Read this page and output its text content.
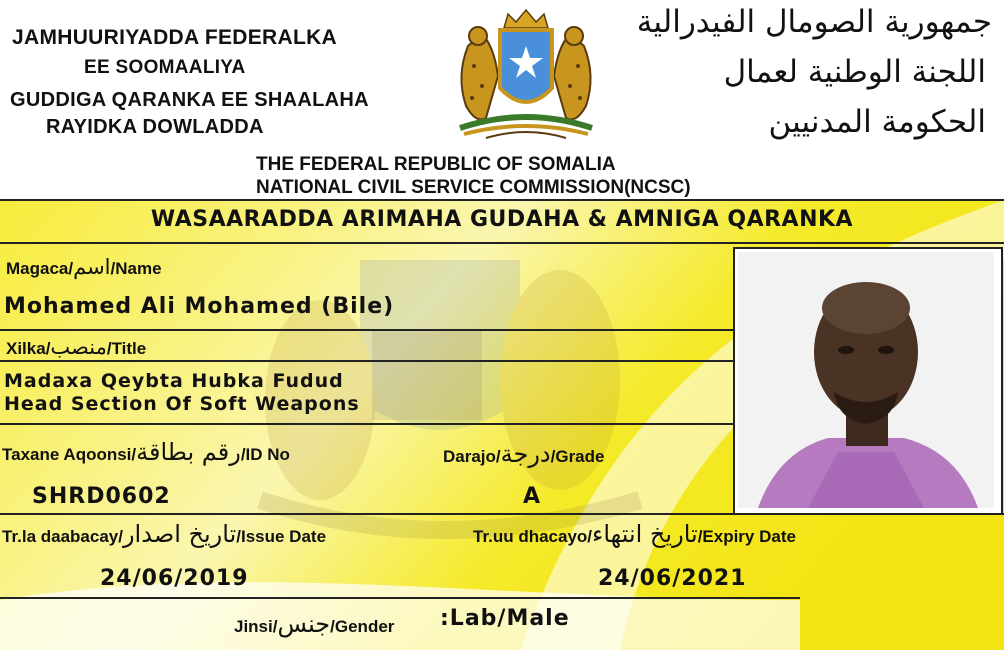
JAMHUURIYADDA FEDERALKA
EE SOOMAALIYA
GUDDIGA QARANKA EE SHAALAHA
RAYIDKA DOWLADDA
جمهورية الصومال الفيدرالية
اللجنة الوطنية لعمال
الحكومة المدنيين
THE FEDERAL REPUBLIC OF SOMALIA
NATIONAL CIVIL SERVICE COMMISSION(NCSC)
WASAARADDA ARIMAHA GUDAHA & AMNIGA QARANKA
Magaca/اسم/Name
Mohamed Ali Mohamed (Bile)
Xilka/منصب/Title
Madaxa Qeybta Hubka Fudud
Head Section Of Soft Weapons
Taxane Aqoonsi/رقم بطاقة/ID No	Darajo/درجة/Grade
SHRD0602	A
Tr.la daabacay/تاريخ اصدار/Issue Date	Tr.uu dhacayo/تاريخ انتهاء/Expiry Date
24/06/2019	24/06/2021
Jinsi/جنس/Gender :Lab/Male
